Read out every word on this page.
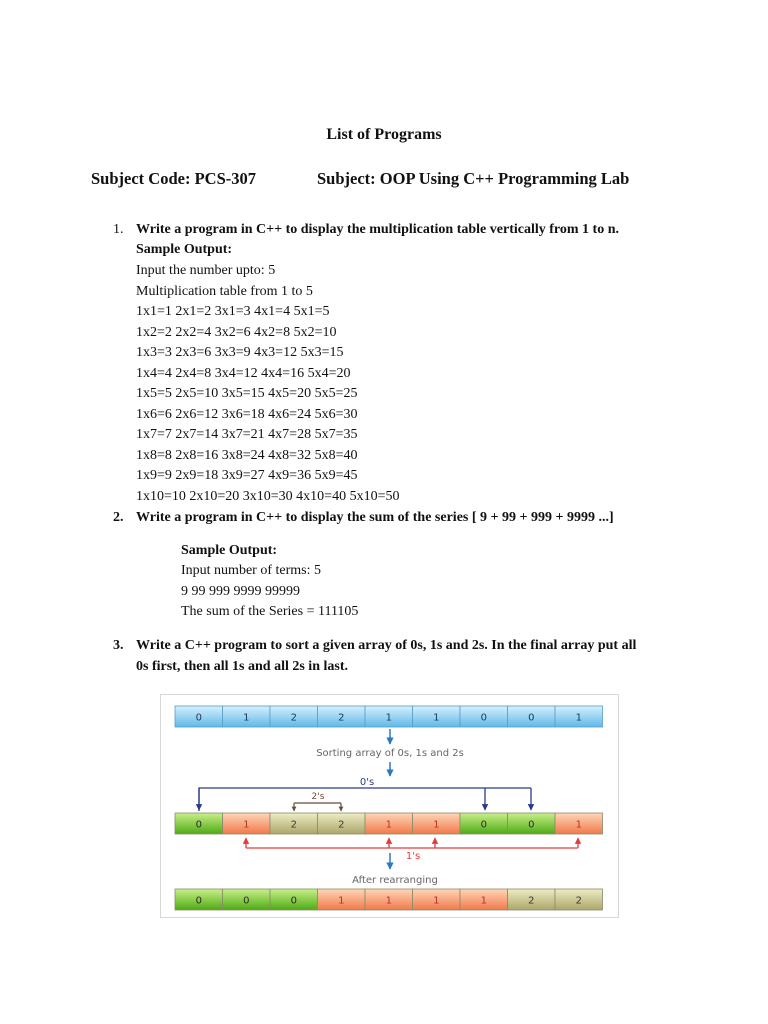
List of Programs
Subject Code: PCS-307	Subject: OOP Using C++ Programming Lab
1. Write a program in C++ to display the multiplication table vertically from 1 to n.
Sample Output:
Input the number upto: 5
Multiplication table from 1 to 5
1x1=1 2x1=2 3x1=3 4x1=4 5x1=5
1x2=2 2x2=4 3x2=6 4x2=8 5x2=10
1x3=3 2x3=6 3x3=9 4x3=12 5x3=15
1x4=4 2x4=8 3x4=12 4x4=16 5x4=20
1x5=5 2x5=10 3x5=15 4x5=20 5x5=25
1x6=6 2x6=12 3x6=18 4x6=24 5x6=30
1x7=7 2x7=14 3x7=21 4x7=28 5x7=35
1x8=8 2x8=16 3x8=24 4x8=32 5x8=40
1x9=9 2x9=18 3x9=27 4x9=36 5x9=45
1x10=10 2x10=20 3x10=30 4x10=40 5x10=50
2. Write a program in C++ to display the sum of the series [ 9 + 99 + 999 + 9999 ...]
Sample Output:
Input number of terms: 5
9 99 999 9999 99999
The sum of the Series = 111105
3. Write a C++ program to sort a given array of 0s, 1s and 2s. In the final array put all
0s first, then all 1s and all 2s in last.
0	1	2	2	1	1	0	0	1
Sorting array of 0s, 1s and 2s
0's
2's
0	1	2	2	1	1	0	0	1
1's
After rearranging
0	0	0	1	1	1	1	2	2
